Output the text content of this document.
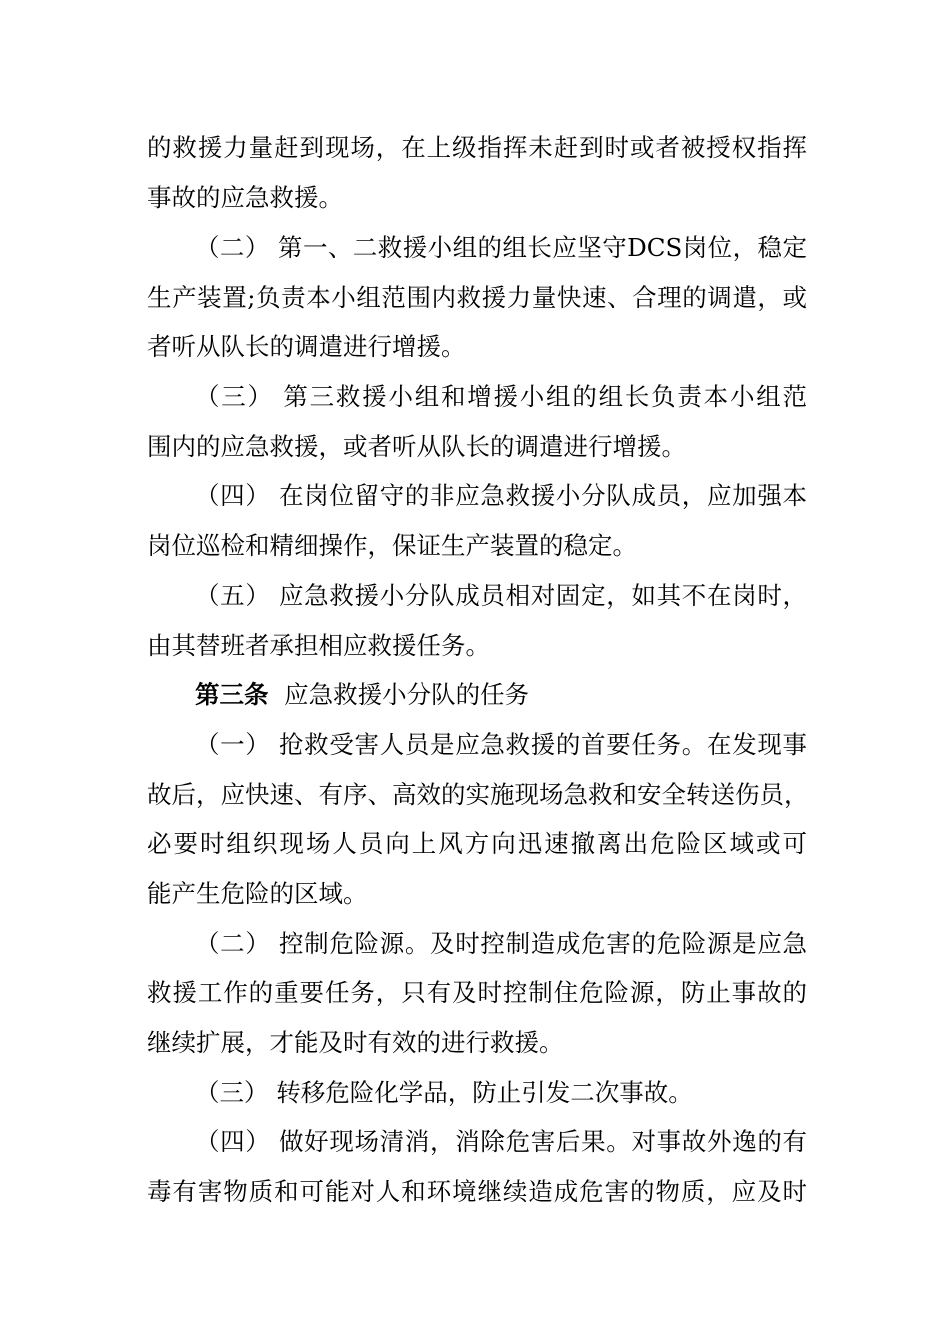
的救援力量赶到现场，在上级指挥未赶到时或者被授权指挥
事故的应急救援。
（二） 第一、二救援小组的组长应坚守DCS岗位，稳定
生产装置;负责本小组范围内救援力量快速、合理的调遣，或
者听从队长的调遣进行增援。
（三） 第三救援小组和增援小组的组长负责本小组范
围内的应急救援，或者听从队长的调遣进行增援。
（四） 在岗位留守的非应急救援小分队成员，应加强本
岗位巡检和精细操作，保证生产装置的稳定。
（五） 应急救援小分队成员相对固定，如其不在岗时，
由其替班者承担相应救援任务。
第三条 应急救援小分队的任务
（一） 抢救受害人员是应急救援的首要任务。在发现事
故后，应快速、有序、高效的实施现场急救和安全转送伤员，
必要时组织现场人员向上风方向迅速撤离出危险区域或可
能产生危险的区域。
（二） 控制危险源。及时控制造成危害的危险源是应急
救援工作的重要任务，只有及时控制住危险源，防止事故的
继续扩展，才能及时有效的进行救援。
（三） 转移危险化学品，防止引发二次事故。
（四） 做好现场清消，消除危害后果。对事故外逸的有
毒有害物质和可能对人和环境继续造成危害的物质，应及时
